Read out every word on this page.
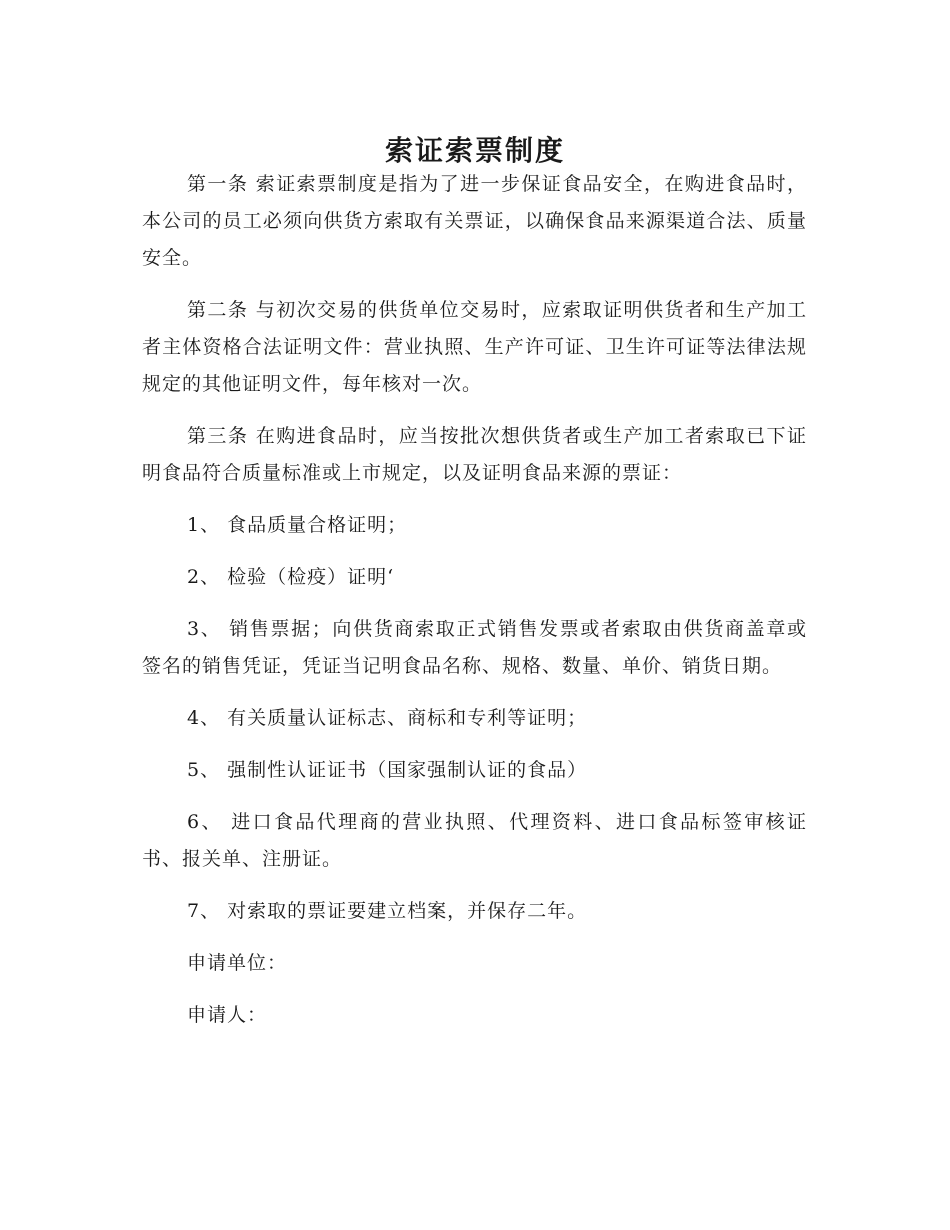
索证索票制度

第一条 索证索票制度是指为了进一步保证食品安全，在购进食品时，本公司的员工必须向供货方索取有关票证，以确保食品来源渠道合法、质量安全。

第二条 与初次交易的供货单位交易时，应索取证明供货者和生产加工者主体资格合法证明文件：营业执照、生产许可证、卫生许可证等法律法规规定的其他证明文件，每年核对一次。

第三条 在购进食品时，应当按批次想供货者或生产加工者索取已下证明食品符合质量标准或上市规定，以及证明食品来源的票证：

1、 食品质量合格证明；

2、 检验（检疫）证明‘

3、 销售票据；向供货商索取正式销售发票或者索取由供货商盖章或签名的销售凭证，凭证当记明食品名称、规格、数量、单价、销货日期。

4、 有关质量认证标志、商标和专利等证明；

5、 强制性认证证书（国家强制认证的食品）

6、 进口食品代理商的营业执照、代理资料、进口食品标签审核证书、报关单、注册证。

7、 对索取的票证要建立档案，并保存二年。

申请单位：

申请人：
